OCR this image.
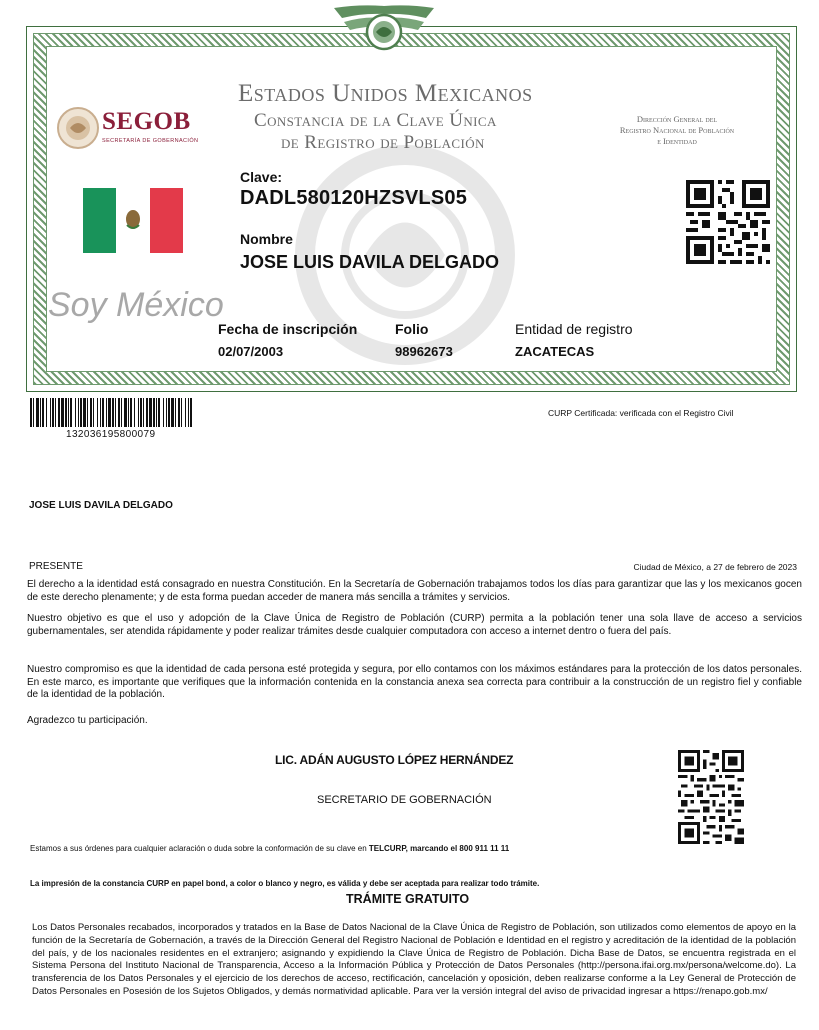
SEGOB
SECRETARÍA DE GOBERNACIÓN
Estados Unidos Mexicanos
Constancia de la Clave Única
de Registro de Población
Dirección General del
Registro Nacional de Población
e Identidad
Clave:
DADL580120HZSVLS05
Nombre
JOSE LUIS DAVILA DELGADO
Soy México
Fecha de inscripción
02/07/2003
Folio
98962673
Entidad de registro
ZACATECAS
132036195800079
CURP Certificada: verificada con el Registro Civil
JOSE LUIS DAVILA DELGADO
PRESENTE	Ciudad de México, a 27 de febrero de 2023
El derecho a la identidad está consagrado en nuestra Constitución. En la Secretaría de Gobernación trabajamos todos los días para garantizar que las y los mexicanos gocen de este derecho plenamente; y de esta forma puedan acceder de manera más sencilla a trámites y servicios.
Nuestro objetivo es que el uso y adopción de la Clave Única de Registro de Población (CURP) permita a la población tener una sola llave de acceso a servicios gubernamentales, ser atendida rápidamente y poder realizar trámites desde cualquier computadora con acceso a internet dentro o fuera del país.
Nuestro compromiso es que la identidad de cada persona esté protegida y segura, por ello contamos con los máximos estándares para la protección de los datos personales. En este marco, es importante que verifiques que la información contenida en la constancia anexa sea correcta para contribuir a la construcción de un registro fiel y confiable de la identidad de la población.
Agradezco tu participación.
LIC. ADÁN AUGUSTO LÓPEZ HERNÁNDEZ
SECRETARIO DE GOBERNACIÓN
Estamos a sus órdenes para cualquier aclaración o duda sobre la conformación de su clave en TELCURP, marcando el 800 911 11 11
La impresión de la constancia CURP en papel bond, a color o blanco y negro, es válida y debe ser aceptada para realizar todo trámite.
TRÁMITE GRATUITO
Los Datos Personales recabados, incorporados y tratados en la Base de Datos Nacional de la Clave Única de Registro de Población, son utilizados como elementos de apoyo en la función de la Secretaría de Gobernación, a través de la Dirección General del Registro Nacional de Población e Identidad en el registro y acreditación de la identidad de la población del país, y de los nacionales residentes en el extranjero; asignando y expidiendo la Clave Única de Registro de Población. Dicha Base de Datos, se encuentra registrada en el Sistema Persona del Instituto Nacional de Transparencia, Acceso a la Información Pública y Protección de Datos Personales (http://persona.ifai.org.mx/persona/welcome.do). La transferencia de los Datos Personales y el ejercicio de los derechos de acceso, rectificación, cancelación y oposición, deben realizarse conforme a la Ley General de Protección de Datos Personales en Posesión de los Sujetos Obligados, y demás normatividad aplicable. Para ver la versión integral del aviso de privacidad ingresar a https://renapo.gob.mx/
